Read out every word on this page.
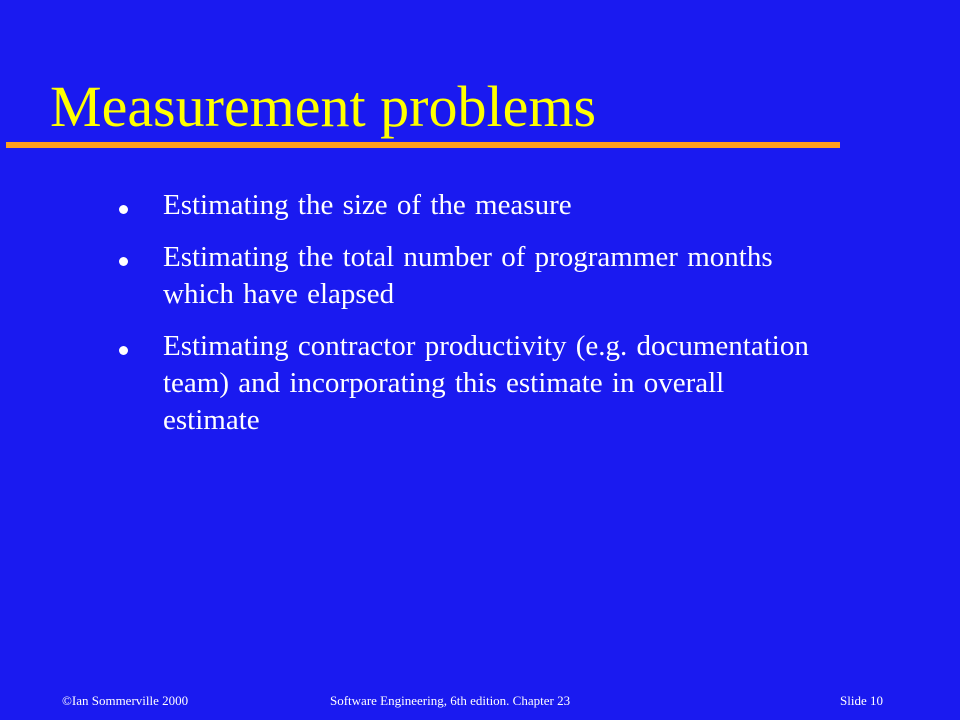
Measurement problems
Estimating the size of the measure
Estimating the total number of programmer months which have elapsed
Estimating contractor productivity (e.g. documentation team) and incorporating this estimate in overall estimate
©Ian Sommerville 2000	Software Engineering, 6th edition. Chapter 23	Slide 10
